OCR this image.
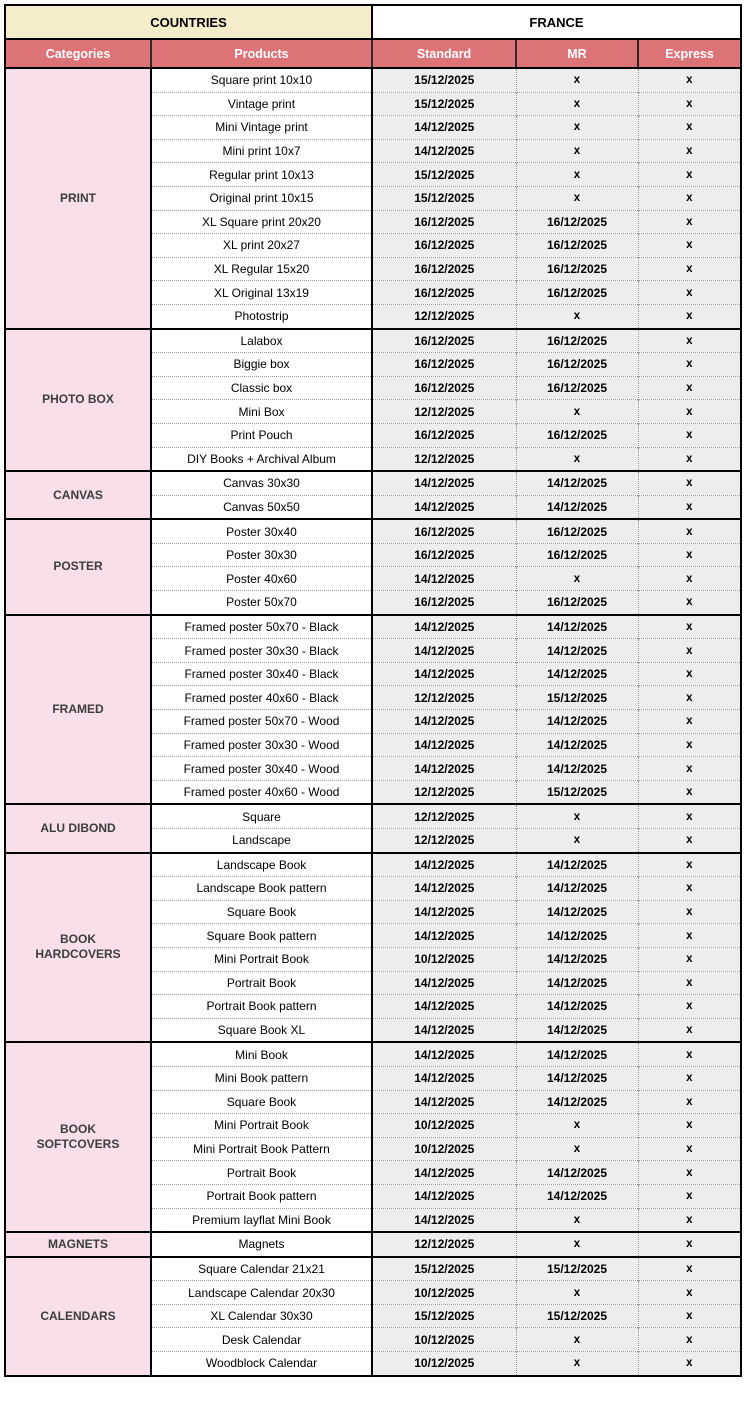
COUNTRIES		FRANCE		
Categories	Products	Standard	MR	Express

PRINT	Square print 10x10	15/12/2025	x	x
	Vintage print	15/12/2025	x	x
	Mini Vintage print	14/12/2025	x	x
	Mini print 10x7	14/12/2025	x	x
	Regular print 10x13	15/12/2025	x	x
	Original print 10x15	15/12/2025	x	x
	XL Square print 20x20	16/12/2025	16/12/2025	x
	XL print 20x27	16/12/2025	16/12/2025	x
	XL Regular 15x20	16/12/2025	16/12/2025	x
	XL Original 13x19	16/12/2025	16/12/2025	x
	Photostrip	12/12/2025	x	x

PHOTO BOX	Lalabox	16/12/2025	16/12/2025	x
	Biggie box	16/12/2025	16/12/2025	x
	Classic box	16/12/2025	16/12/2025	x
	Mini Box	12/12/2025	x	x
	Print Pouch	16/12/2025	16/12/2025	x
	DIY Books + Archival Album	12/12/2025	x	x

CANVAS	Canvas 30x30	14/12/2025	14/12/2025	x
	Canvas 50x50	14/12/2025	14/12/2025	x

POSTER	Poster 30x40	16/12/2025	16/12/2025	x
	Poster 30x30	16/12/2025	16/12/2025	x
	Poster 40x60	14/12/2025	x	x
	Poster 50x70	16/12/2025	16/12/2025	x

FRAMED	Framed poster 50x70 - Black	14/12/2025	14/12/2025	x
	Framed poster 30x30 - Black	14/12/2025	14/12/2025	x
	Framed poster 30x40 - Black	14/12/2025	14/12/2025	x
	Framed poster 40x60 - Black	12/12/2025	15/12/2025	x
	Framed poster 50x70 - Wood	14/12/2025	14/12/2025	x
	Framed poster 30x30 - Wood	14/12/2025	14/12/2025	x
	Framed poster 30x40 - Wood	14/12/2025	14/12/2025	x
	Framed poster 40x60 - Wood	12/12/2025	15/12/2025	x

ALU DIBOND	Square	12/12/2025	x	x
	Landscape	12/12/2025	x	x

BOOK HARDCOVERS	Landscape Book	14/12/2025	14/12/2025	x
	Landscape Book pattern	14/12/2025	14/12/2025	x
	Square Book	14/12/2025	14/12/2025	x
	Square Book pattern	14/12/2025	14/12/2025	x
	Mini Portrait Book	10/12/2025	14/12/2025	x
	Portrait Book	14/12/2025	14/12/2025	x
	Portrait Book pattern	14/12/2025	14/12/2025	x
	Square Book XL	14/12/2025	14/12/2025	x

BOOK SOFTCOVERS	Mini Book	14/12/2025	14/12/2025	x
	Mini Book pattern	14/12/2025	14/12/2025	x
	Square Book	14/12/2025	14/12/2025	x
	Mini Portrait Book	10/12/2025	x	x
	Mini Portrait Book Pattern	10/12/2025	x	x
	Portrait Book	14/12/2025	14/12/2025	x
	Portrait Book pattern	14/12/2025	14/12/2025	x
	Premium layflat Mini Book	14/12/2025	x	x

MAGNETS	Magnets	12/12/2025	x	x

CALENDARS	Square Calendar 21x21	15/12/2025	15/12/2025	x
	Landscape Calendar 20x30	10/12/2025	x	x
	XL Calendar 30x30	15/12/2025	15/12/2025	x
	Desk Calendar	10/12/2025	x	x
	Woodblock Calendar	10/12/2025	x	x
